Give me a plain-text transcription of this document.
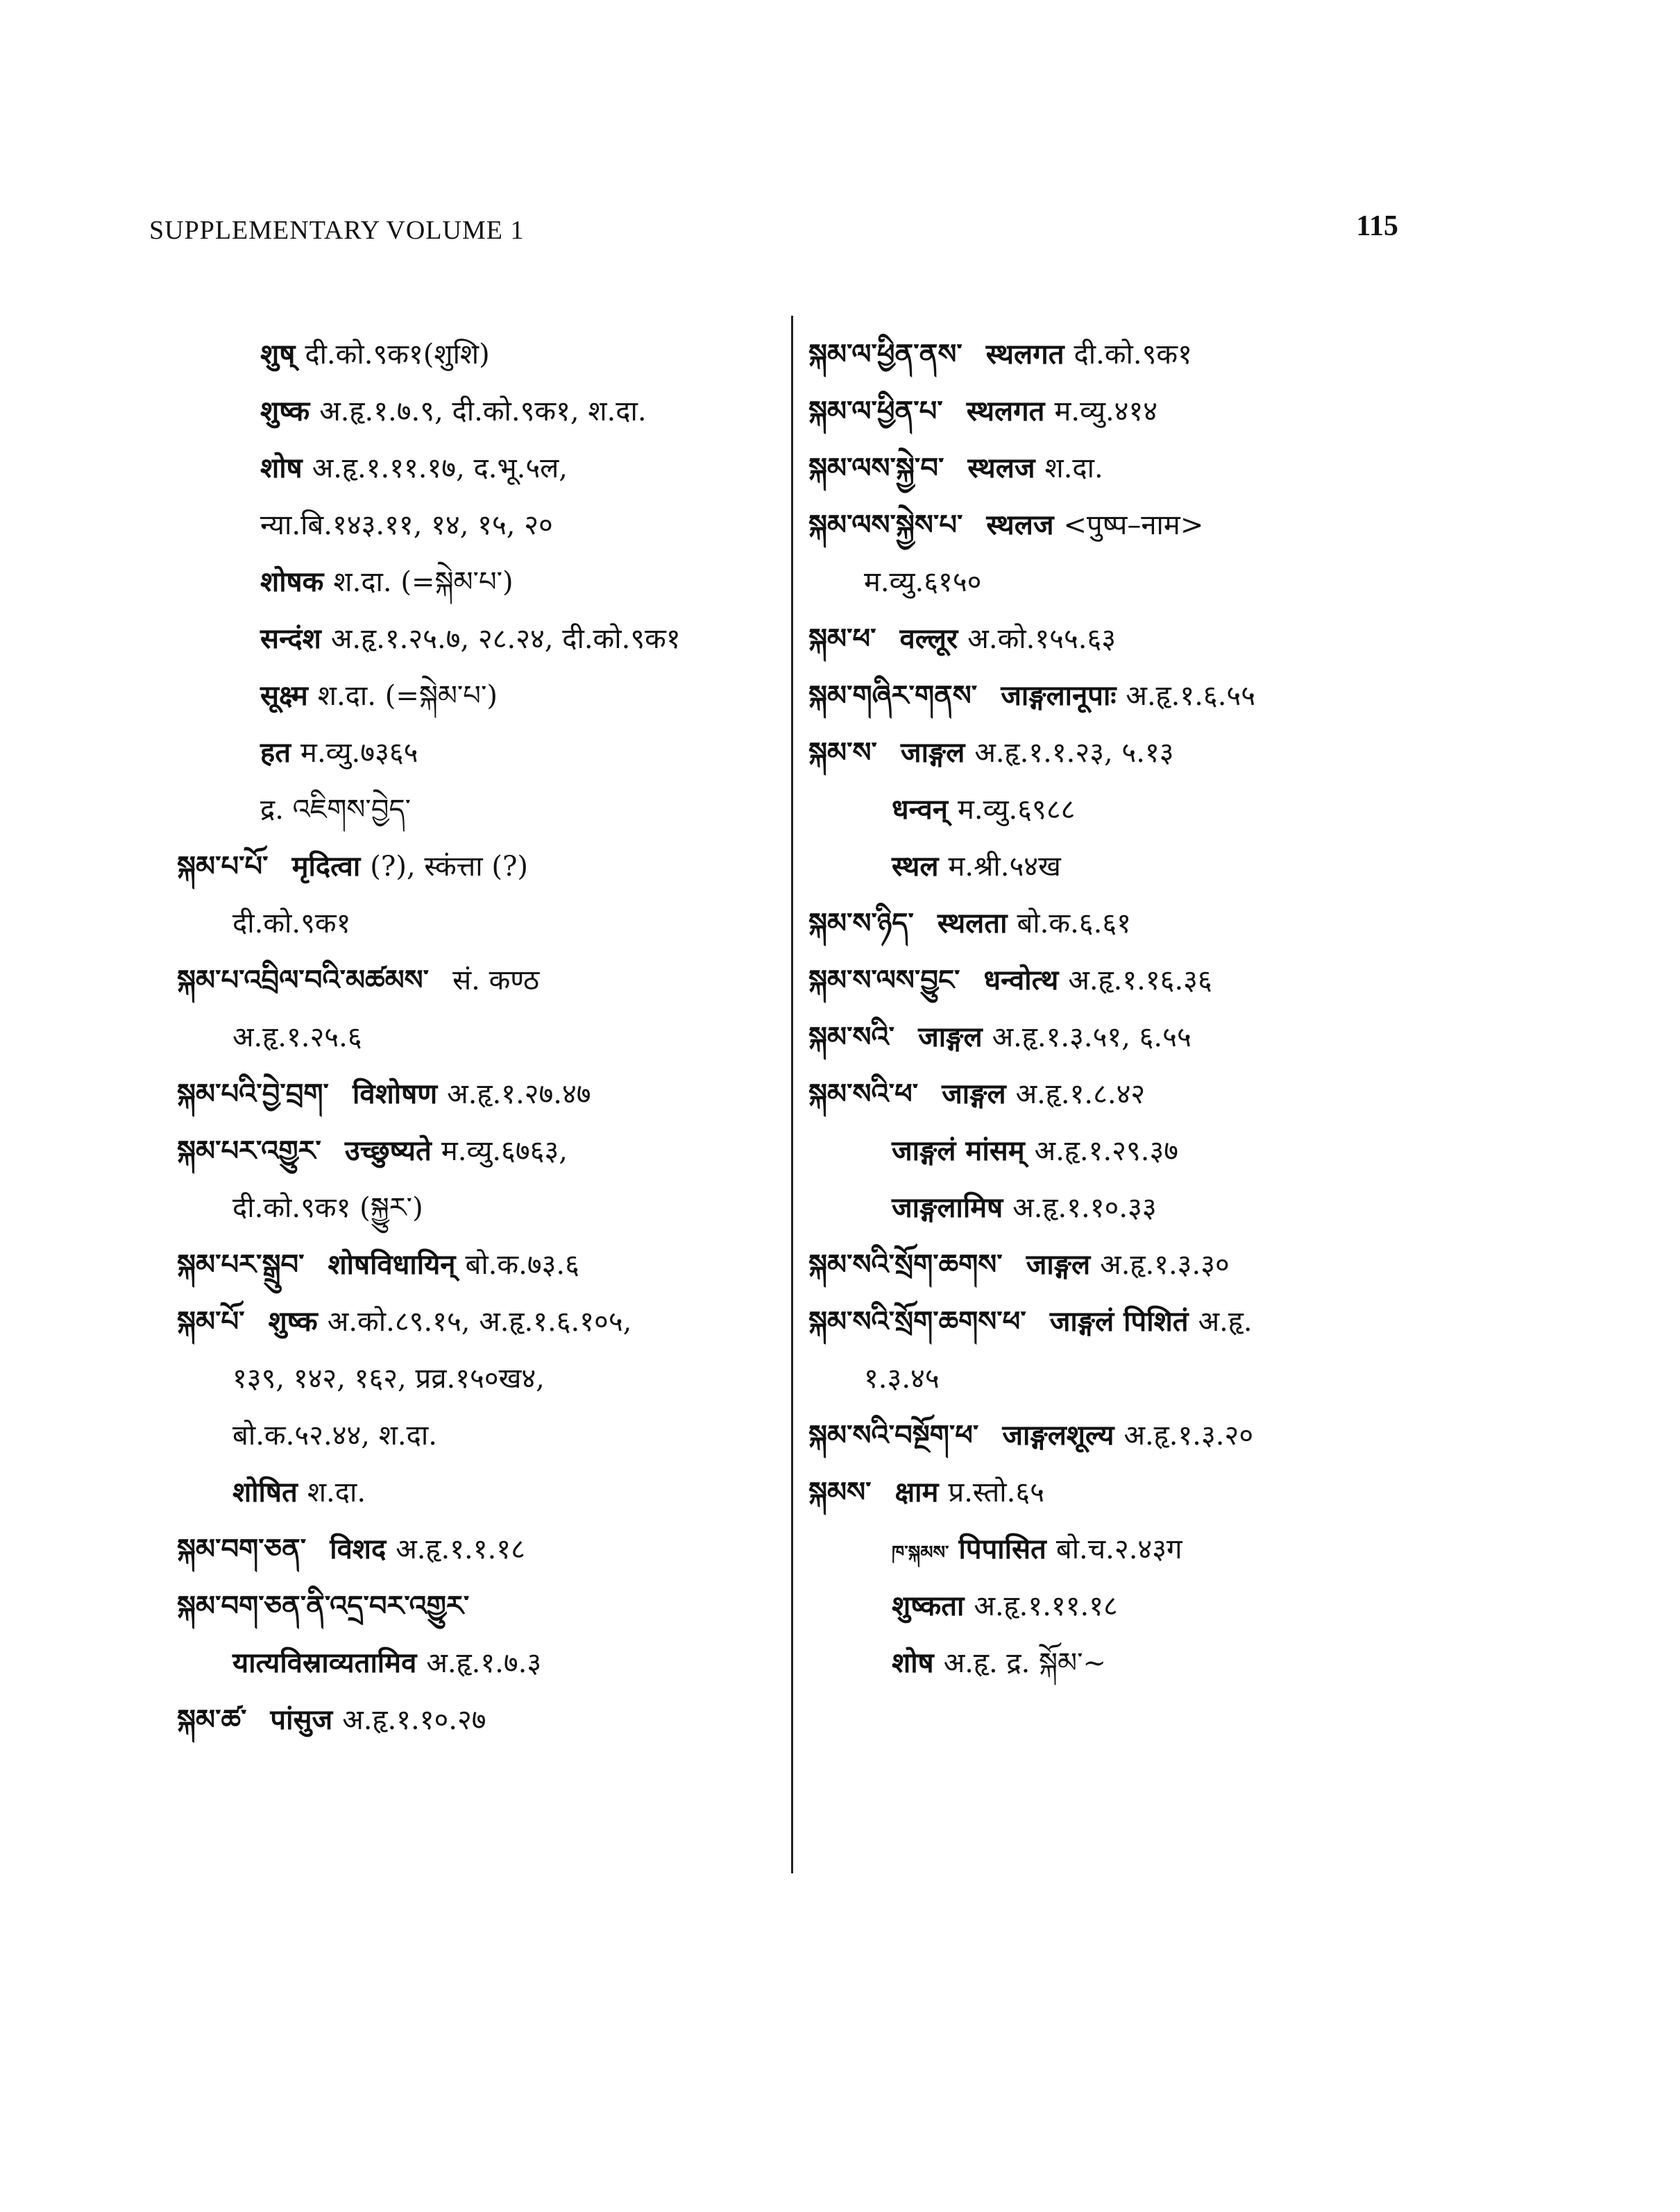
SUPPLEMENTARY VOLUME 1	115
शुष् दी.को.९क१(शुशि)
शुष्क अ.हृ.१.७.९, दी.को.९क१, श.दा.
शोष अ.हृ.१.११.१७, द.भू.५ल,
न्या.बि.१४३.११, १४, १५, २०
शोषक श.दा. (=སྐེམ་པ་)
सन्दंश अ.हृ.१.२५.७, २८.२४, दी.को.९क१
सूक्ष्म श.दा. (=སྐེམ་པ་)
हत म.व्यु.७३६५
द्र. འཇིགས་བྱེད་
སྐམ་པ་པོ་ मृदित्वा (?), स्कंत्ता (?)
दी.को.९क१
སྐམ་པ་འབྲིལ་བའི་མཚམས་ सं. कण्ठ
अ.हृ.१.२५.६
སྐམ་པའི་བྱེ་བྲག་ विशोषण अ.हृ.१.२७.४७
སྐམ་པར་འགྱུར་ उच्छुष्यते म.व्यु.६७६३,
दी.को.९क१ (སྐྱུར་)
སྐམ་པར་སྒྲུབ་ शोषविधायिन् बो.क.७३.६
སྐམ་པོ་ शुष्क अ.को.८९.१५, अ.हृ.१.६.१०५,
१३९, १४२, १६२, प्रव्र.१५०ख४,
बो.क.५२.४४, श.दा.
शोषित श.दा.
སྐམ་བག་ཅན་ विशद अ.हृ.१.१.१८
སྐམ་བག་ཅན་ནི་འདྲ་བར་འགྱུར་
यात्यविस्राव्यतामिव अ.हृ.१.७.३
སྐམ་ཚ་ पांसुज अ.हृ.१.१०.२७
སྐམ་ལ་ཕྱིན་ནས་ स्थलगत दी.को.९क१
སྐམ་ལ་ཕྱིན་པ་ स्थलगत म.व्यु.४१४
སྐམ་ལས་སྐྱེ་བ་ स्थलज श.दा.
སྐམ་ལས་སྐྱེས་པ་ स्थलज <पुष्प–नाम>
म.व्यु.६१५०
སྐམ་ཕ་ वल्लूर अ.को.१५५.६३
སྐམ་གཞིར་གནས་ जाङ्गलानूपाः अ.हृ.१.६.५५
སྐམ་ས་ जाङ्गल अ.हृ.१.१.२३, ५.१३
धन्वन् म.व्यु.६९८८
स्थल म.श्री.५४ख
སྐམ་ས་ཉིད་ स्थलता बो.क.६.६१
སྐམ་ས་ལས་བྱུང་ धन्वोत्थ अ.हृ.१.१६.३६
སྐམ་སའི་ जाङ्गल अ.हृ.१.३.५१, ६.५५
སྐམ་སའི་ཕ་ जाङ्गल अ.हृ.१.८.४२
जाङ्गलं मांसम् अ.हृ.१.२९.३७
जाङ्गलामिष अ.हृ.१.१०.३३
སྐམ་སའི་སྲོག་ཆགས་ जाङ्गल अ.हृ.१.३.३०
སྐམ་སའི་སྲོག་ཆགས་ཕ་ जाङ्गलं पिशितं अ.हृ.
१.३.४५
སྐམ་སའི་བསྔོག་ཕ་ जाङ्गलशूल्य अ.हृ.१.३.२०
སྐམས་ क्षाम प्र.स्तो.६५
ཁ་སྐམས་ पिपासित बो.च.२.४३ग
शुष्कता अ.हृ.१.११.१८
शोष अ.हृ. द्र. སྐོམ་~
